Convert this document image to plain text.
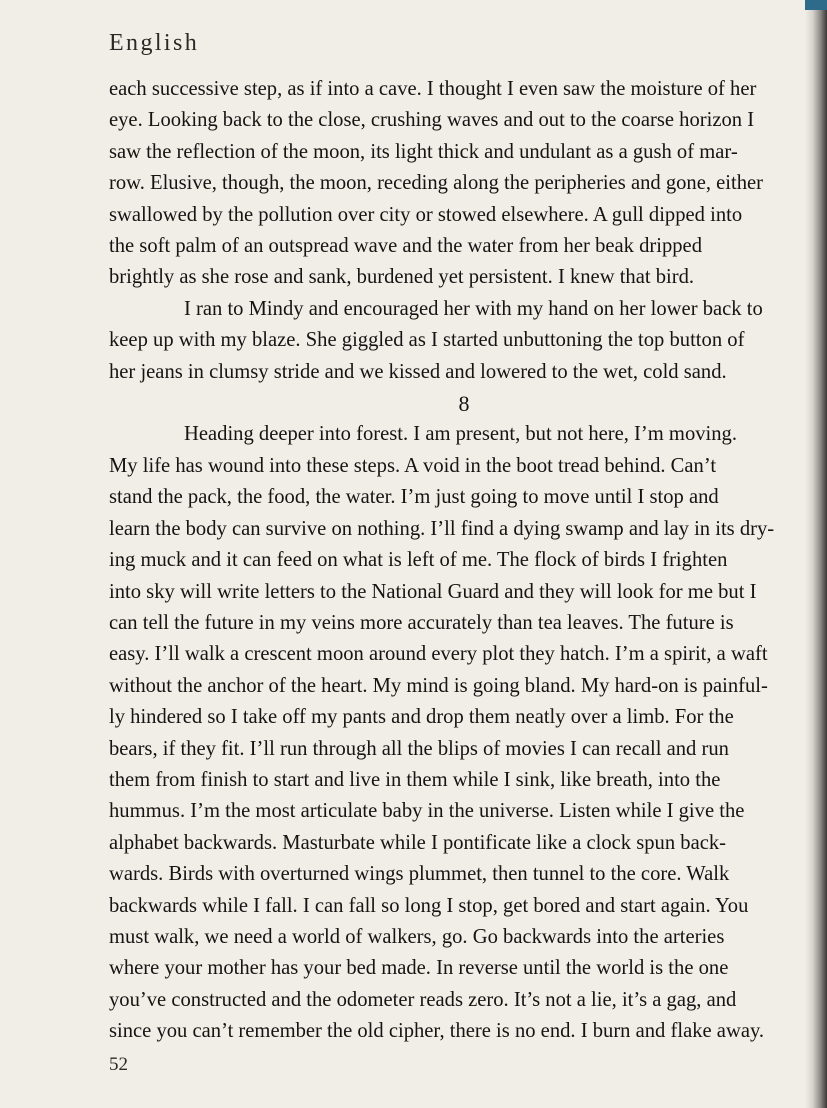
English
each successive step, as if into a cave. I thought I even saw the moisture of her
eye. Looking back to the close, crushing waves and out to the coarse horizon I
saw the reflection of the moon, its light thick and undulant as a gush of mar-
row. Elusive, though, the moon, receding along the peripheries and gone, either
swallowed by the pollution over city or stowed elsewhere. A gull dipped into
the soft palm of an outspread wave and the water from her beak dripped
brightly as she rose and sank, burdened yet persistent. I knew that bird.
I ran to Mindy and encouraged her with my hand on her lower back to
keep up with my blaze. She giggled as I started unbuttoning the top button of
her jeans in clumsy stride and we kissed and lowered to the wet, cold sand.
8
Heading deeper into forest. I am present, but not here, I’m moving.
My life has wound into these steps. A void in the boot tread behind. Can’t
stand the pack, the food, the water. I’m just going to move until I stop and
learn the body can survive on nothing. I’ll find a dying swamp and lay in its dry-
ing muck and it can feed on what is left of me. The flock of birds I frighten
into sky will write letters to the National Guard and they will look for me but I
can tell the future in my veins more accurately than tea leaves. The future is
easy. I’ll walk a crescent moon around every plot they hatch. I’m a spirit, a waft
without the anchor of the heart. My mind is going bland. My hard-on is painful-
ly hindered so I take off my pants and drop them neatly over a limb. For the
bears, if they fit. I’ll run through all the blips of movies I can recall and run
them from finish to start and live in them while I sink, like breath, into the
hummus. I’m the most articulate baby in the universe. Listen while I give the
alphabet backwards. Masturbate while I pontificate like a clock spun back-
wards. Birds with overturned wings plummet, then tunnel to the core. Walk
backwards while I fall. I can fall so long I stop, get bored and start again. You
must walk, we need a world of walkers, go. Go backwards into the arteries
where your mother has your bed made. In reverse until the world is the one
you’ve constructed and the odometer reads zero. It’s not a lie, it’s a gag, and
since you can’t remember the old cipher, there is no end. I burn and flake away.
52
